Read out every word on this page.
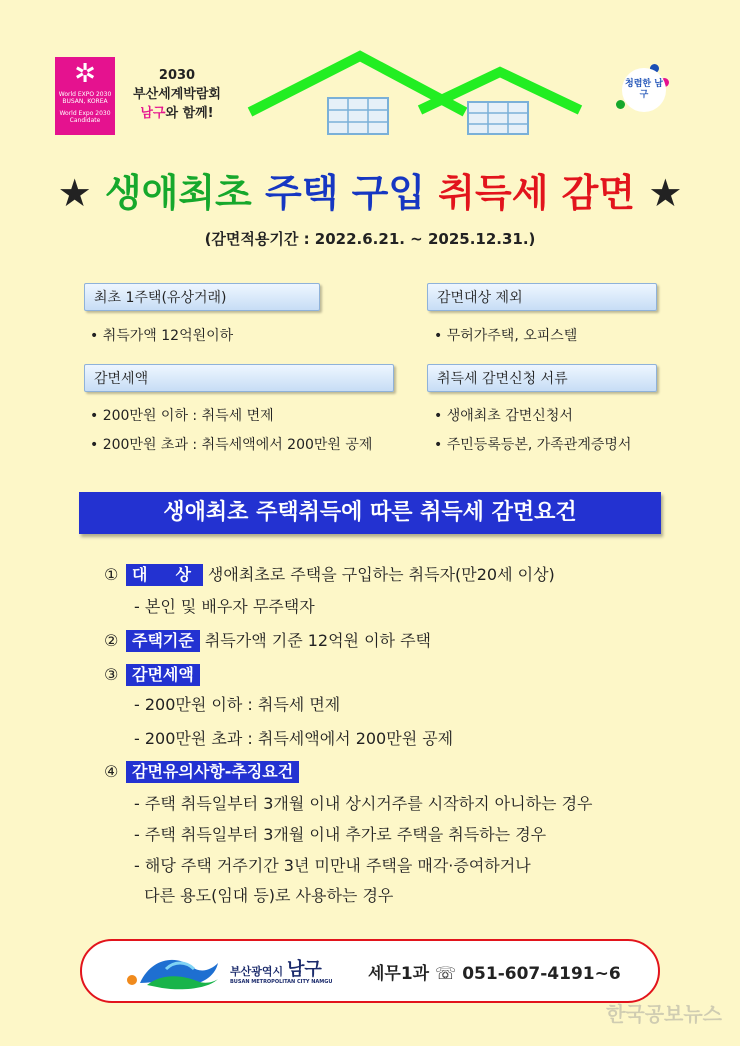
✲
World EXPO 2030
BUSAN, KOREA
World Expo 2030 Candidate
2030
부산세계박람회
남구와 함께!
청렴한 남구
★ 생애최초 주택 구입 취득세 감면 ★
(감면적용기간 : 2022.6.21. ~ 2025.12.31.)
최초 1주택(유상거래)
• 취득가액 12억원이하
감면대상 제외
• 무허가주택, 오피스텔
감면세액
• 200만원 이하 : 취득세 면제
• 200만원 초과 : 취득세액에서 200만원 공제
취득세 감면신청 서류
• 생애최초 감면신청서
• 주민등록등본, 가족관계증명서
생애최초 주택취득에 따른 취득세 감면요건
① 대　상 생애최초로 주택을 구입하는 취득자(만20세 이상)
- 본인 및 배우자 무주택자
② 주택기준 취득가액 기준 12억원 이하 주택
③ 감면세액
- 200만원 이하 : 취득세 면제
- 200만원 초과 : 취득세액에서 200만원 공제
④ 감면유의사항-추징요건
- 주택 취득일부터 3개월 이내 상시거주를 시작하지 아니하는 경우
- 주택 취득일부터 3개월 이내 추가로 주택을 취득하는 경우
- 해당 주택 거주기간 3년 미만내 주택을 매각·증여하거나
다른 용도(임대 등)로 사용하는 경우
부산광역시 남구
BUSAN METROPOLITAN CITY NAMGU 세무1과 ☏ 051-607-4191~6
한국공보뉴스
